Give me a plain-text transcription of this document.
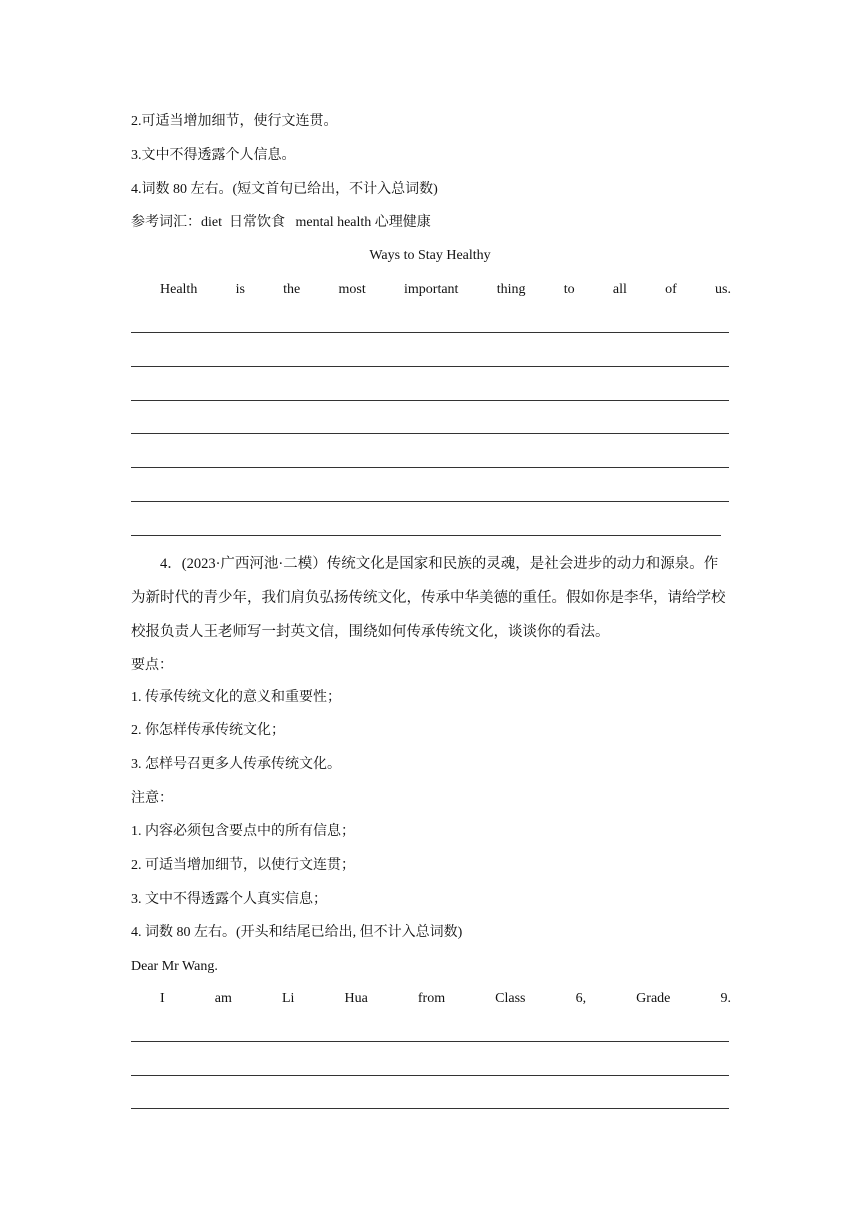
2.可适当增加细节，使行文连贯。
3.文中不得透露个人信息。
4.词数 80 左右。(短文首句已给出，不计入总词数)
参考词汇：diet  日常饮食   mental health 心理健康
Ways to Stay Healthy
Health	is	the	most	important	thing	to	all	of	us.
4．(2023·广西河池·二模）传统文化是国家和民族的灵魂，是社会进步的动力和源泉。作为新时代的青少年，我们肩负弘扬传统文化，传承中华美德的重任。假如你是李华，请给学校校报负责人王老师写一封英文信，围绕如何传承传统文化，谈谈你的看法。
要点：
1. 传承传统文化的意义和重要性；
2. 你怎样传承传统文化；
3. 怎样号召更多人传承传统文化。
注意：
1. 内容必须包含要点中的所有信息；
2. 可适当增加细节，以使行文连贯；
3. 文中不得透露个人真实信息；
4. 词数 80 左右。(开头和结尾已给出, 但不计入总词数)
Dear Mr Wang.
I	am	Li	Hua	from	Class	6,	Grade	9.
